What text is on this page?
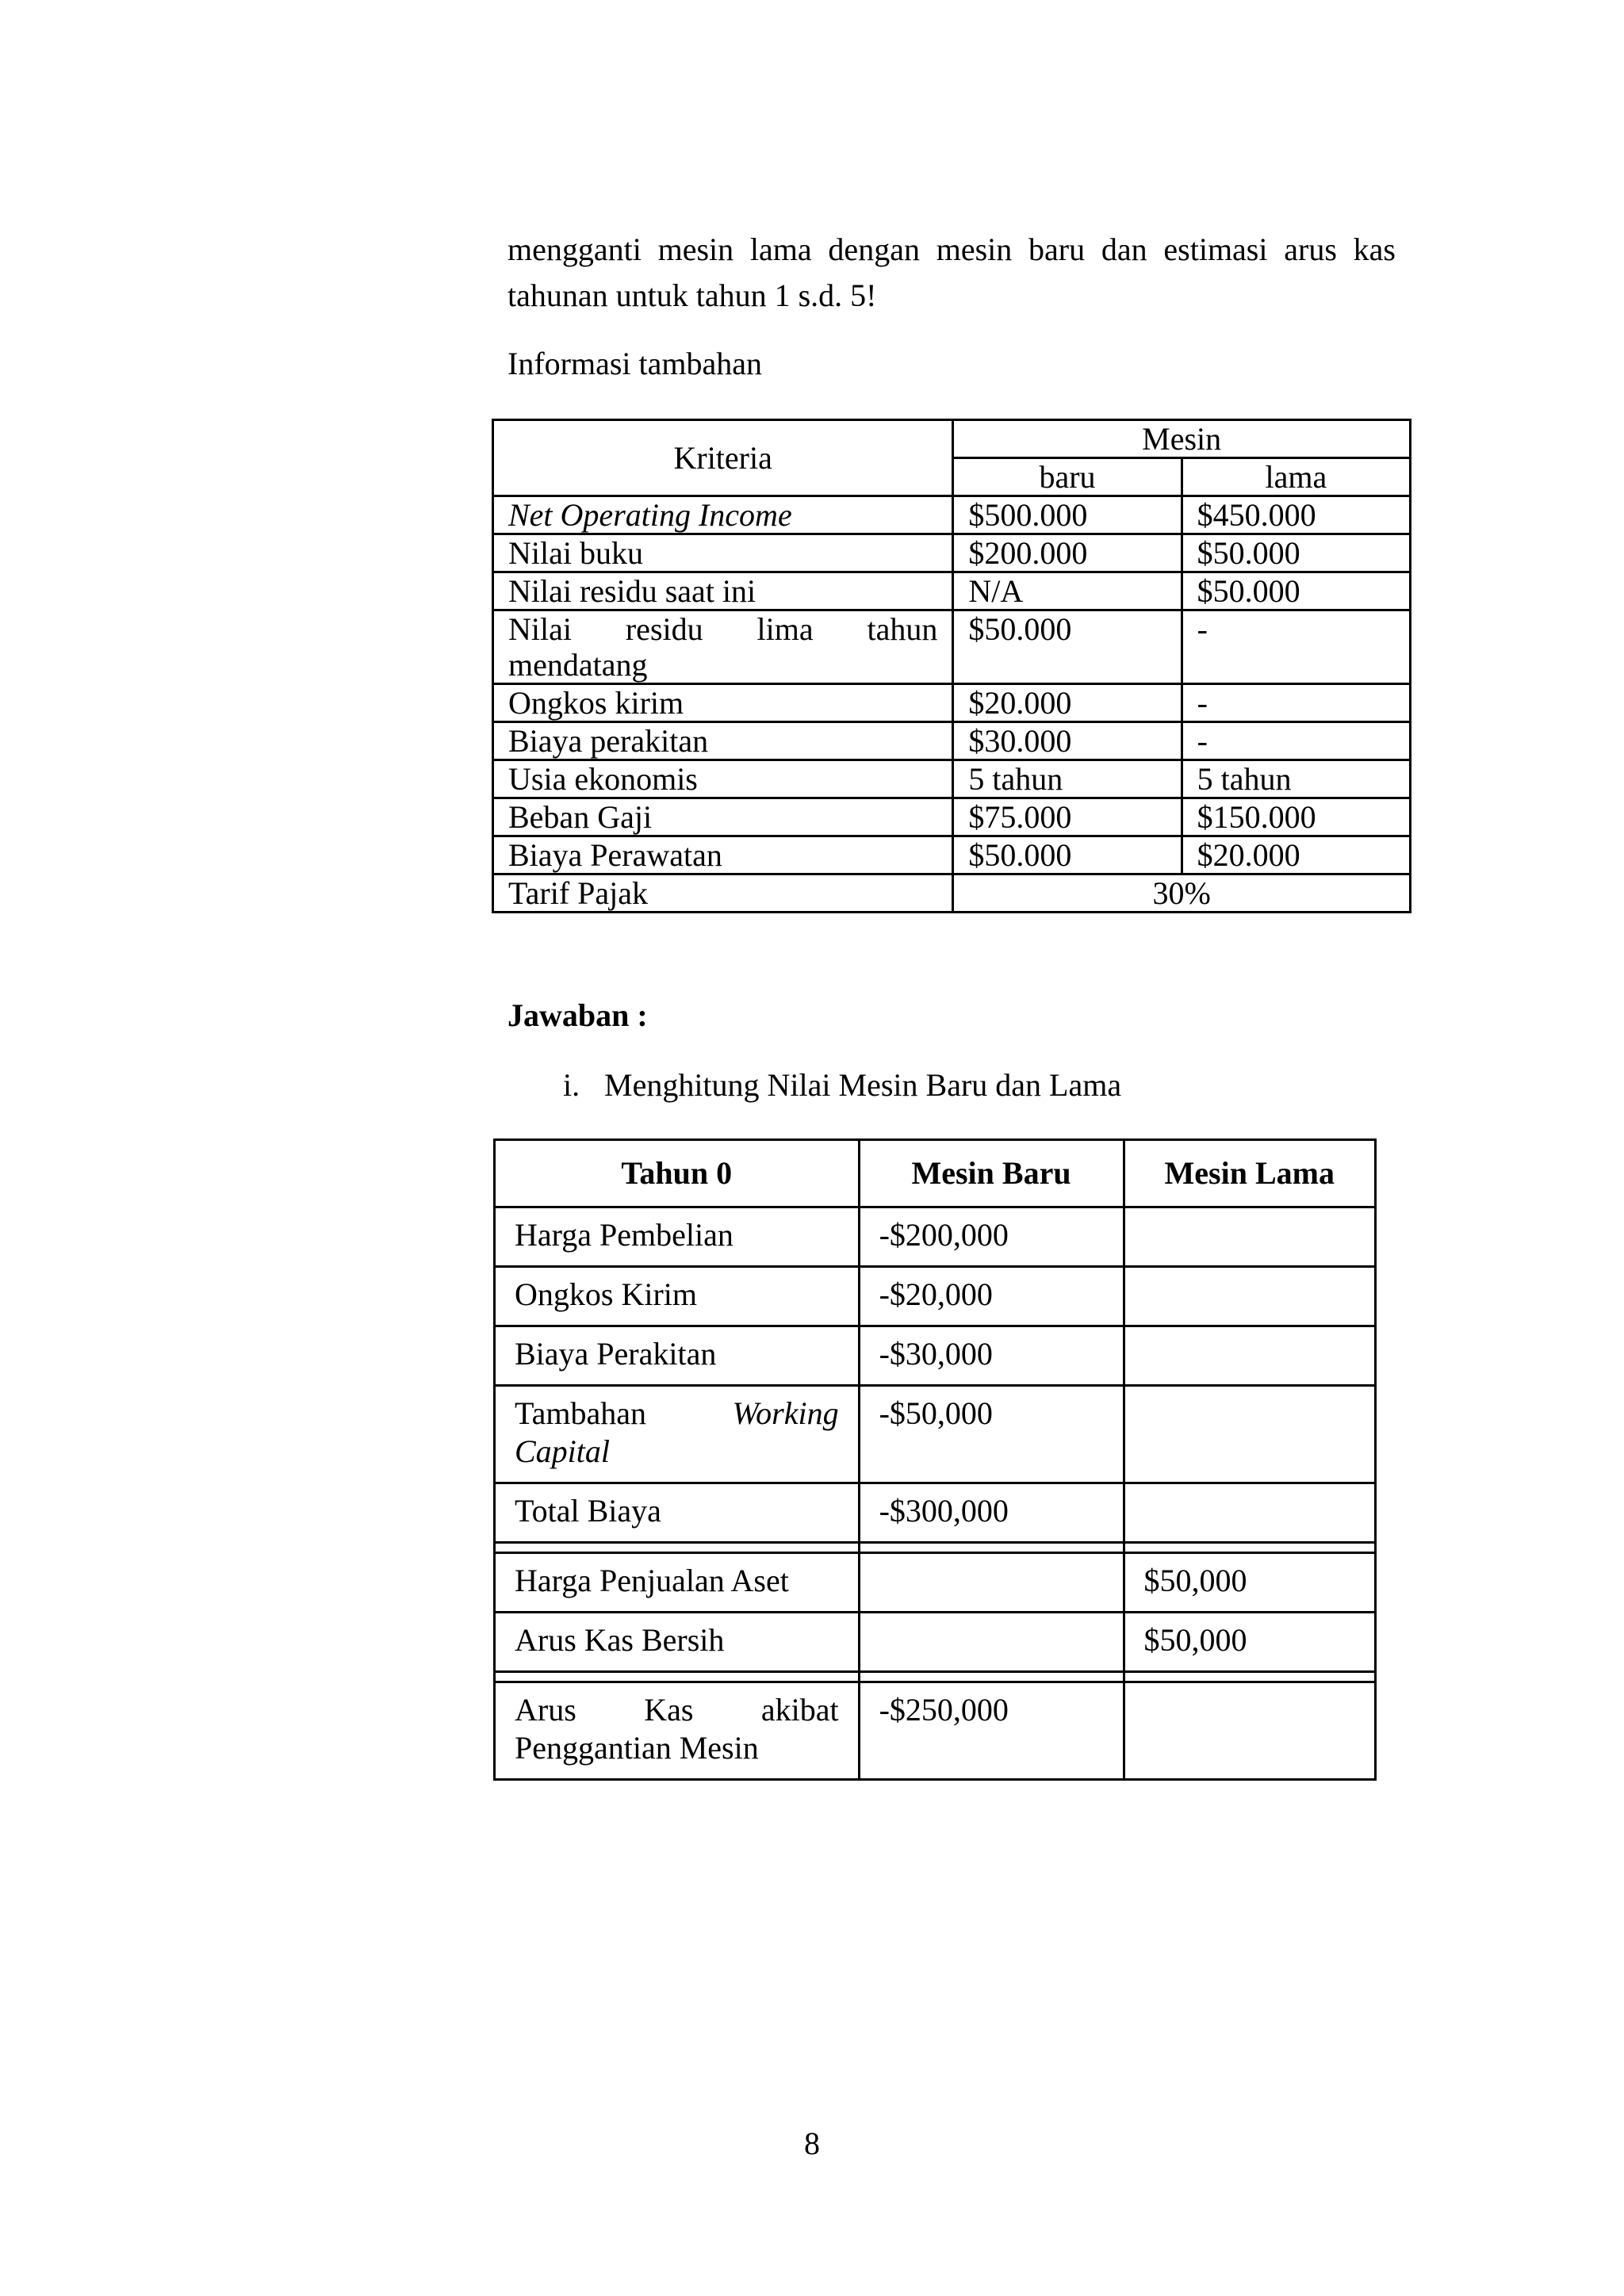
mengganti mesin lama dengan mesin baru dan estimasi arus kas
tahunan untuk tahun 1 s.d. 5!
Informasi tambahan
Kriteria	Mesin	
	baru	lama
Net Operating Income	$500.000	$450.000
Nilai buku	$200.000	$50.000
Nilai residu saat ini	N/A	$50.000

Nilai residu lima tahun
mendatang	$50.000	-
Ongkos kirim	$20.000	-
Biaya perakitan	$30.000	-
Usia ekonomis	5 tahun	5 tahun
Beban Gaji	$75.000	$150.000
Biaya Perawatan	$50.000	$20.000
Tarif Pajak	30%	
Jawaban :
i. Menghitung Nilai Mesin Baru dan Lama
Tahun 0	Mesin Baru	Mesin Lama
Harga Pembelian	-$200,000	
Ongkos Kirim	-$20,000	
Biaya Perakitan	-$30,000	

Tambahan Working
Capital	-$50,000	
Total Biaya	-$300,000	

Harga Penjualan Aset		$50,000
Arus Kas Bersih		$50,000

Arus Kas akibat
Penggantian Mesin	-$250,000	
8
